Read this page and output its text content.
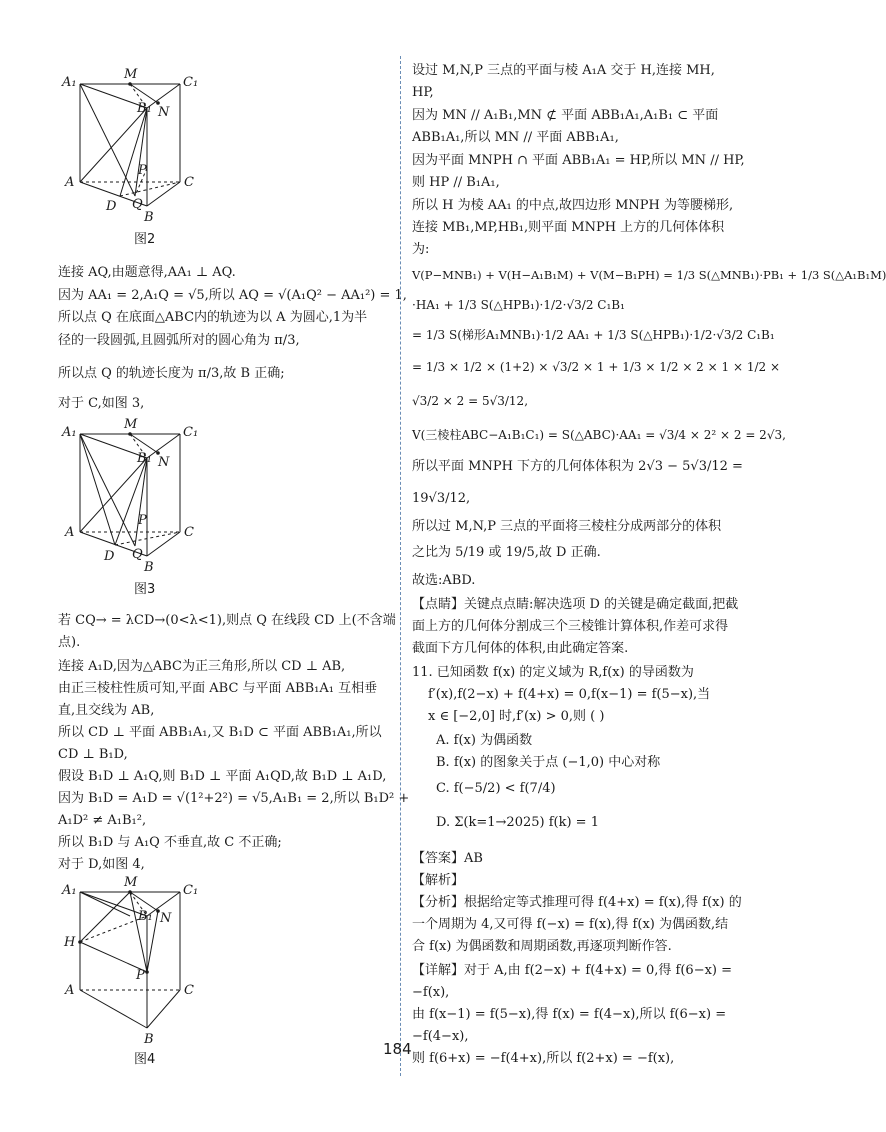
A₁
M
C₁
B₁ N
P
A	C
D Q
B
图2
连接 AQ,由题意得,AA₁ ⊥ AQ.
因为 AA₁ = 2,A₁Q = √5,所以 AQ = √(A₁Q² − AA₁²) = 1,
所以点 Q 在底面△ABC内的轨迹为以 A 为圆心,1为半
径的一段圆弧,且圆弧所对的圆心角为 π/3,
所以点 Q 的轨迹长度为 π/3,故 B 正确;
对于 C,如图 3,
A₁
M
C₁
B₁ N
P
A	C
D Q
B
图3
若 CQ→ = λCD→(0<λ<1),则点 Q 在线段 CD 上(不含端
点).
连接 A₁D,因为△ABC为正三角形,所以 CD ⊥ AB,
由正三棱柱性质可知,平面 ABC 与平面 ABB₁A₁ 互相垂
直,且交线为 AB,
所以 CD ⊥ 平面 ABB₁A₁,又 B₁D ⊂ 平面 ABB₁A₁,所以
CD ⊥ B₁D,
假设 B₁D ⊥ A₁Q,则 B₁D ⊥ 平面 A₁QD,故 B₁D ⊥ A₁D,
因为 B₁D = A₁D = √(1²+2²) = √5,A₁B₁ = 2,所以 B₁D² +
A₁D² ≠ A₁B₁²,
所以 B₁D 与 A₁Q 不垂直,故 C 不正确;
对于 D,如图 4,
A₁
M
C₁
B₁ N
H
P
A	C
B
图4
设过 M,N,P 三点的平面与棱 A₁A 交于 H,连接 MH,
HP,
因为 MN // A₁B₁,MN ⊄ 平面 ABB₁A₁,A₁B₁ ⊂ 平面
ABB₁A₁,所以 MN // 平面 ABB₁A₁,
因为平面 MNPH ∩ 平面 ABB₁A₁ = HP,所以 MN // HP,
则 HP // B₁A₁,
所以 H 为棱 AA₁ 的中点,故四边形 MNPH 为等腰梯形,
连接 MB₁,MP,HB₁,则平面 MNPH 上方的几何体体积
为:
V(P−MNB₁) + V(H−A₁B₁M) + V(M−B₁PH) = 1/3 S(△MNB₁)·PB₁ + 1/3 S(△A₁B₁M)
·HA₁ + 1/3 S(△HPB₁)·1/2·√3/2 C₁B₁
= 1/3 S(梯形A₁MNB₁)·1/2 AA₁ + 1/3 S(△HPB₁)·1/2·√3/2 C₁B₁
= 1/3 × 1/2 × (1+2) × √3/2 × 1 + 1/3 × 1/2 × 2 × 1 × 1/2 ×
√3/2 × 2 = 5√3/12,
V(三棱柱ABC−A₁B₁C₁) = S(△ABC)·AA₁ = √3/4 × 2² × 2 = 2√3,
所以平面 MNPH 下方的几何体体积为 2√3 − 5√3/12 =
19√3/12,
所以过 M,N,P 三点的平面将三棱柱分成两部分的体积
之比为 5/19 或 19/5,故 D 正确.
故选:ABD.
【点睛】关键点点睛:解决选项 D 的关键是确定截面,把截
面上方的几何体分割成三个三棱锥计算体积,作差可求得
截面下方几何体的体积,由此确定答案.
11. 已知函数 f(x) 的定义域为 R,f(x) 的导函数为
f′(x),f(2−x) + f(4+x) = 0,f(x−1) = f(5−x),当
x ∈ [−2,0] 时,f′(x) > 0,则 ( )
A. f(x) 为偶函数
B. f(x) 的图象关于点 (−1,0) 中心对称
C. f(−5/2) < f(7/4)
D. Σ(k=1→2025) f(k) = 1
【答案】AB
【解析】
【分析】根据给定等式推理可得 f(4+x) = f(x),得 f(x) 的
一个周期为 4,又可得 f(−x) = f(x),得 f(x) 为偶函数,结
合 f(x) 为偶函数和周期函数,再逐项判断作答.
【详解】对于 A,由 f(2−x) + f(4+x) = 0,得 f(6−x) =
−f(x),
由 f(x−1) = f(5−x),得 f(x) = f(4−x),所以 f(6−x) =
−f(4−x),
则 f(6+x) = −f(4+x),所以 f(2+x) = −f(x),
184
